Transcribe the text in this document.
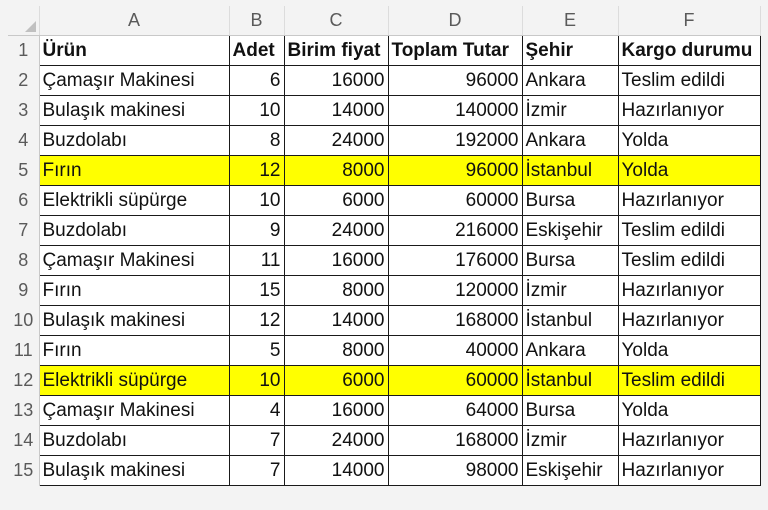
	A	B	C	D	E	F
1	Ürün	Adet	Birim fiyat	Toplam Tutar	Şehir	Kargo durumu
2	Çamaşır Makinesi	6	16000	96000	Ankara	Teslim edildi
3	Bulaşık makinesi	10	14000	140000	İzmir	Hazırlanıyor
4	Buzdolabı	8	24000	192000	Ankara	Yolda
5	Fırın	12	8000	96000	İstanbul	Yolda
6	Elektrikli süpürge	10	6000	60000	Bursa	Hazırlanıyor
7	Buzdolabı	9	24000	216000	Eskişehir	Teslim edildi
8	Çamaşır Makinesi	11	16000	176000	Bursa	Teslim edildi
9	Fırın	15	8000	120000	İzmir	Hazırlanıyor
10	Bulaşık makinesi	12	14000	168000	İstanbul	Hazırlanıyor
11	Fırın	5	8000	40000	Ankara	Yolda
12	Elektrikli süpürge	10	6000	60000	İstanbul	Teslim edildi
13	Çamaşır Makinesi	4	16000	64000	Bursa	Yolda
14	Buzdolabı	7	24000	168000	İzmir	Hazırlanıyor
15	Bulaşık makinesi	7	14000	98000	Eskişehir	Hazırlanıyor
